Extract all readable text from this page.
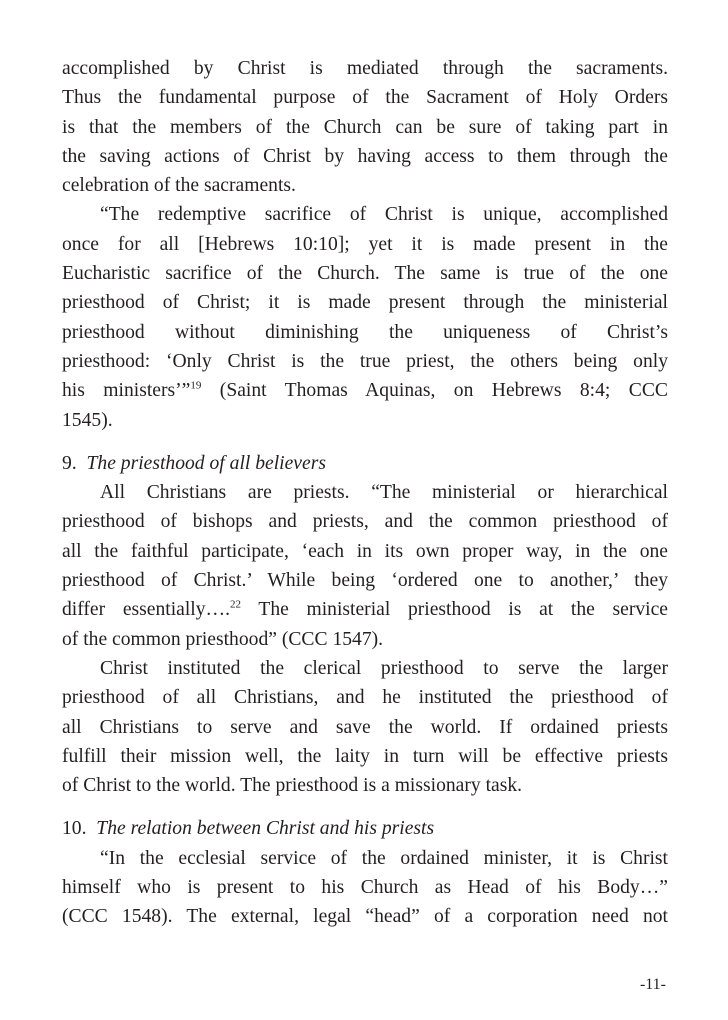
accomplished by Christ is mediated through the sacraments.
Thus the fundamental purpose of the Sacrament of Holy Orders
is that the members of the Church can be sure of taking part in
the saving actions of Christ by having access to them through the
celebration of the sacraments.
“The redemptive sacrifice of Christ is unique, accomplished
once for all [Hebrews 10:10]; yet it is made present in the
Eucharistic sacrifice of the Church. The same is true of the one
priesthood of Christ; it is made present through the ministerial
priesthood without diminishing the uniqueness of Christ’s
priesthood: ‘Only Christ is the true priest, the others being only
his ministers’”$^{19}$ (Saint Thomas Aquinas, on Hebrews 8:4; CCC
1545).
9. The priesthood of all believers
All Christians are priests. “The ministerial or hierarchical
priesthood of bishops and priests, and the common priesthood of
all the faithful participate, ‘each in its own proper way, in the one
priesthood of Christ.’ While being ‘ordered one to another,’ they
differ essentially….$^{22}$ The ministerial priesthood is at the service
of the common priesthood” (CCC 1547).
Christ instituted the clerical priesthood to serve the larger
priesthood of all Christians, and he instituted the priesthood of
all Christians to serve and save the world. If ordained priests
fulfill their mission well, the laity in turn will be effective priests
of Christ to the world. The priesthood is a missionary task.
10. The relation between Christ and his priests
“In the ecclesial service of the ordained minister, it is Christ
himself who is present to his Church as Head of his Body…”
(CCC 1548). The external, legal “head” of a corporation need not
-11-
